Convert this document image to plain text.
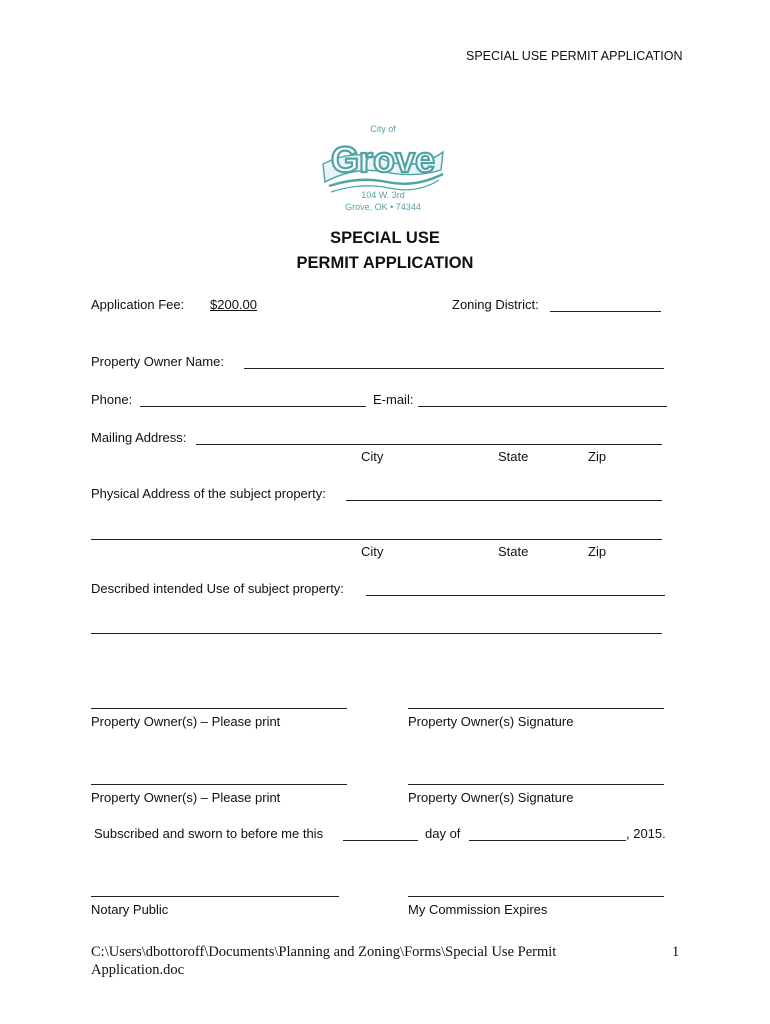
SPECIAL USE PERMIT APPLICATION
City of
Grove
104 W. 3rd
Grove, OK • 74344
SPECIAL USE
PERMIT APPLICATION
Application Fee: $200.00	Zoning District:
Property Owner Name:
Phone:	E-mail:
Mailing Address:
City	State	Zip
Physical Address of the subject property:
City	State	Zip
Described intended Use of subject property:
Property Owner(s) – Please print	Property Owner(s) Signature
Property Owner(s) – Please print	Property Owner(s) Signature
Subscribed and sworn to before me this	day of	, 2015.
Notary Public	My Commission Expires
C:\Users\dbottoroff\Documents\Planning and Zoning\Forms\Special Use Permit
Application.doc
1
